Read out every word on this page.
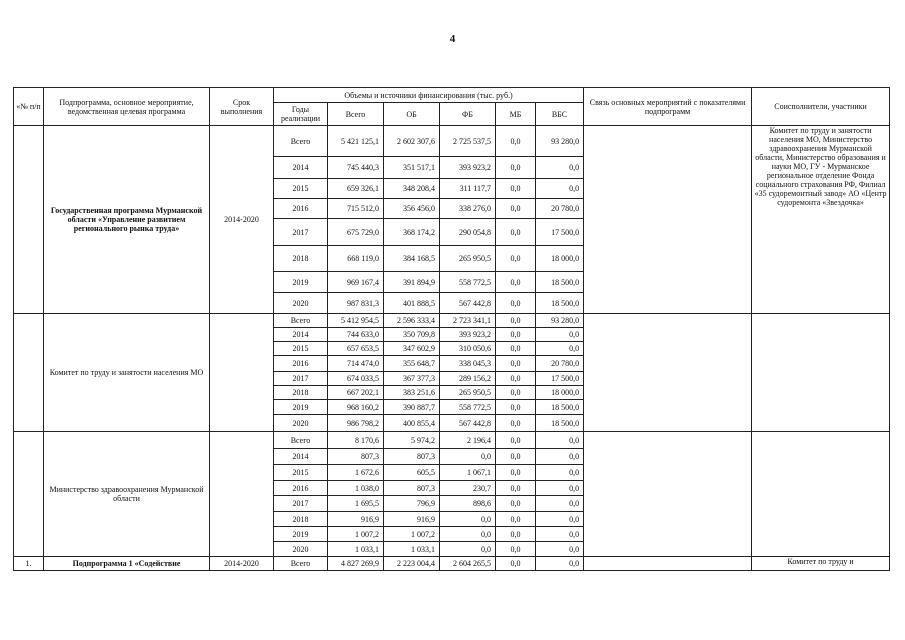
4
«№ п/п	Подпрограмма, основное мероприятие, ведомственная целевая программа	Срок выполнения	Объемы и источники финансирования (тыс. руб.)						Связь основных мероприятий с показателями подпрограмм	Соисполнители, участники
			Годы реализации	Всего	ОБ	ФБ	МБ	ВБС		
	Государственная программа Мурманской области «Управление развитием регионального рынка труда»	2014-2020	Всего	5 421 125,1	2 602 307,6	2 725 537,5	0,0	93 280,0		Комитет по труду и занятости населения МО, Министерство здравоохранения Мурманской области, Министерство образования и науки МО, ГУ - Мурманское региональное отделение Фонда социального страхования РФ, Филиал «35 судоремонтный завод» АО «Центр судоремонта «Звездочка»
			2014	745 440,3	351 517,1	393 923,2	0,0	0,0		
			2015	659 326,1	348 208,4	311 117,7	0,0	0,0		
			2016	715 512,0	356 456,0	338 276,0	0,0	20 780,0		
			2017	675 729,0	368 174,2	290 054,8	0,0	17 500,0		
			2018	668 119,0	384 168,5	265 950,5	0,0	18 000,0		
			2019	969 167,4	391 894,9	558 772,5	0,0	18 500,0		
			2020	987 831,3	401 888,5	567 442,8	0,0	18 500,0		
	Комитет по труду и занятости населения МО		Всего	5 412 954,5	2 596 333,4	2 723 341,1	0,0	93 280,0		
			2014	744 633,0	350 709,8	393 923,2	0,0	0,0		
			2015	657 653,5	347 602,9	310 050,6	0,0	0,0		
			2016	714 474,0	355 648,7	338 045,3	0,0	20 780,0		
			2017	674 033,5	367 377,3	289 156,2	0,0	17 500,0		
			2018	667 202,1	383 251,6	265 950,5	0,0	18 000,0		
			2019	968 160,2	390 887,7	558 772,5	0,0	18 500,0		
			2020	986 798,2	400 855,4	567 442,8	0,0	18 500,0		
	Министерство здравоохранения Мурманской области		Всего	8 170,6	5 974,2	2 196,4	0,0	0,0		
			2014	807,3	807,3	0,0	0,0	0,0		
			2015	1 672,6	605,5	1 067,1	0,0	0,0		
			2016	1 038,0	807,3	230,7	0,0	0,0		
			2017	1 695,5	796,9	898,6	0,0	0,0		
			2018	916,9	916,9	0,0	0,0	0,0		
			2019	1 007,2	1 007,2	0,0	0,0	0,0		
			2020	1 033,1	1 033,1	0,0	0,0	0,0		
1.	Подпрограмма 1 «Содействие	2014-2020	Всего	4 827 269,9	2 223 004,4	2 604 265,5	0,0	0,0		Комитет по труду и
